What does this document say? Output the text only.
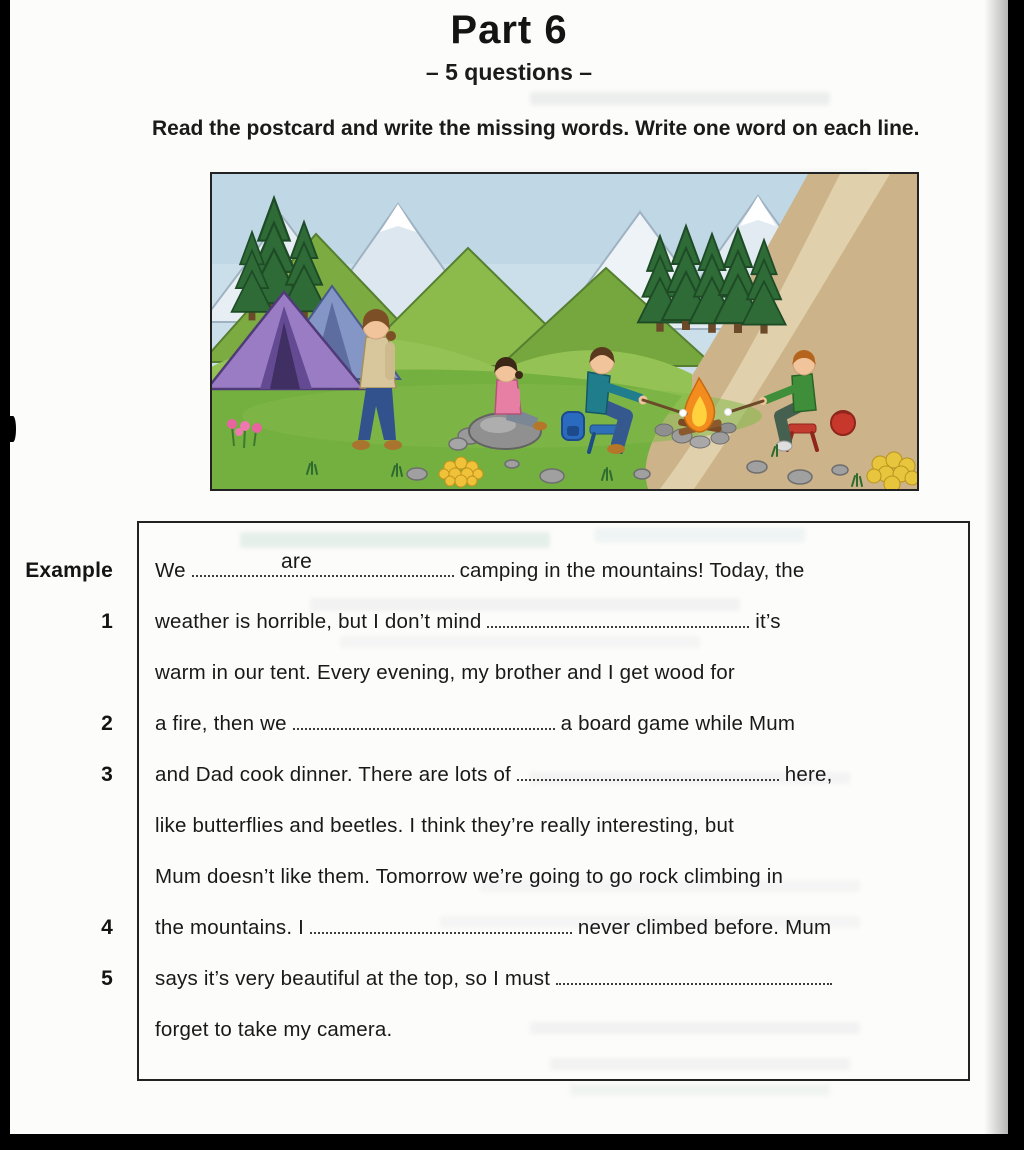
Part 6
– 5 questions –

Read the postcard and write the missing words. Write one word on each line.

Example We	are	camping in the mountains! Today, the
1 weather is horrible, but I don’t mind	it’s
warm in our tent. Every evening, my brother and I get wood for
2 a fire, then we	a board game while Mum
3 and Dad cook dinner. There are lots of	here,
like butterflies and beetles. I think they’re really interesting, but
Mum doesn’t like them. Tomorrow we’re going to go rock climbing in
4 the mountains. I	never climbed before. Mum
5 says it’s very beautiful at the top, so I must
forget to take my camera.
